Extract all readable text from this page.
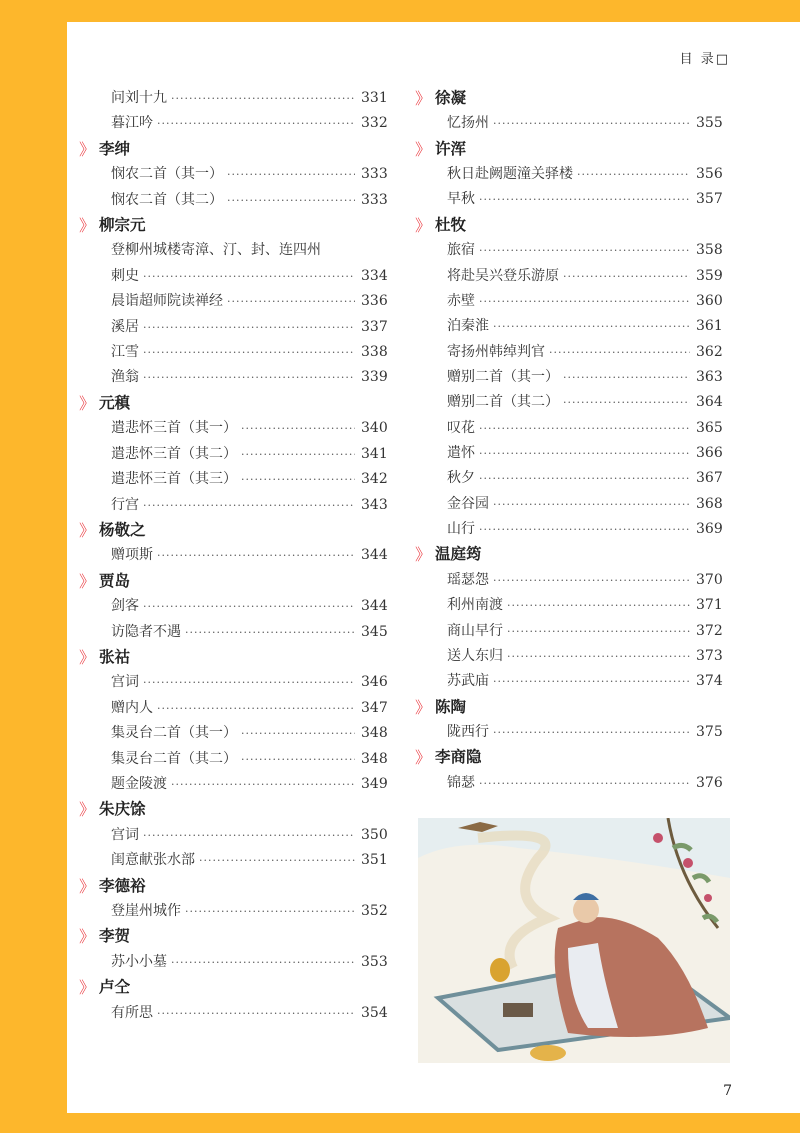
目 录□
问刘十九 ·····	331
暮江吟 ·····	332
》 李绅
悯农二首（其一） ·····	333
悯农二首（其二） ·····	333
》 柳宗元
登柳州城楼寄漳、汀、封、连四州
刺史 ·····	334
晨诣超师院读禅经 ·····	336
溪居 ·····	337
江雪 ·····	338
渔翁 ·····	339
》 元稹
遣悲怀三首（其一） ·····	340
遣悲怀三首（其二） ·····	341
遣悲怀三首（其三） ·····	342
行宫 ·····	343
》 杨敬之
赠项斯 ·····	344
》 贾岛
剑客 ·····	344
访隐者不遇 ·····	345
》 张祜
宫词 ·····	346
赠内人 ·····	347
集灵台二首（其一） ·····	348
集灵台二首（其二） ·····	348
题金陵渡 ·····	349
》 朱庆馀
宫词 ·····	350
闺意献张水部 ·····	351
》 李德裕
登崖州城作 ·····	352
》 李贺
苏小小墓 ·····	353
》 卢仝
有所思 ·····	354
》 徐凝
忆扬州 ·····	355
》 许浑
秋日赴阙题潼关驿楼 ·····	356
早秋 ·····	357
》 杜牧
旅宿 ·····	358
将赴吴兴登乐游原 ·····	359
赤壁 ·····	360
泊秦淮 ·····	361
寄扬州韩绰判官 ·····	362
赠别二首（其一） ·····	363
赠别二首（其二） ·····	364
叹花 ·····	365
遣怀 ·····	366
秋夕 ·····	367
金谷园 ·····	368
山行 ·····	369
》 温庭筠
瑶瑟怨 ·····	370
利州南渡 ·····	371
商山早行 ·····	372
送人东归 ·····	373
苏武庙 ·····	374
》 陈陶
陇西行 ·····	375
》 李商隐
锦瑟 ·····	376
7
